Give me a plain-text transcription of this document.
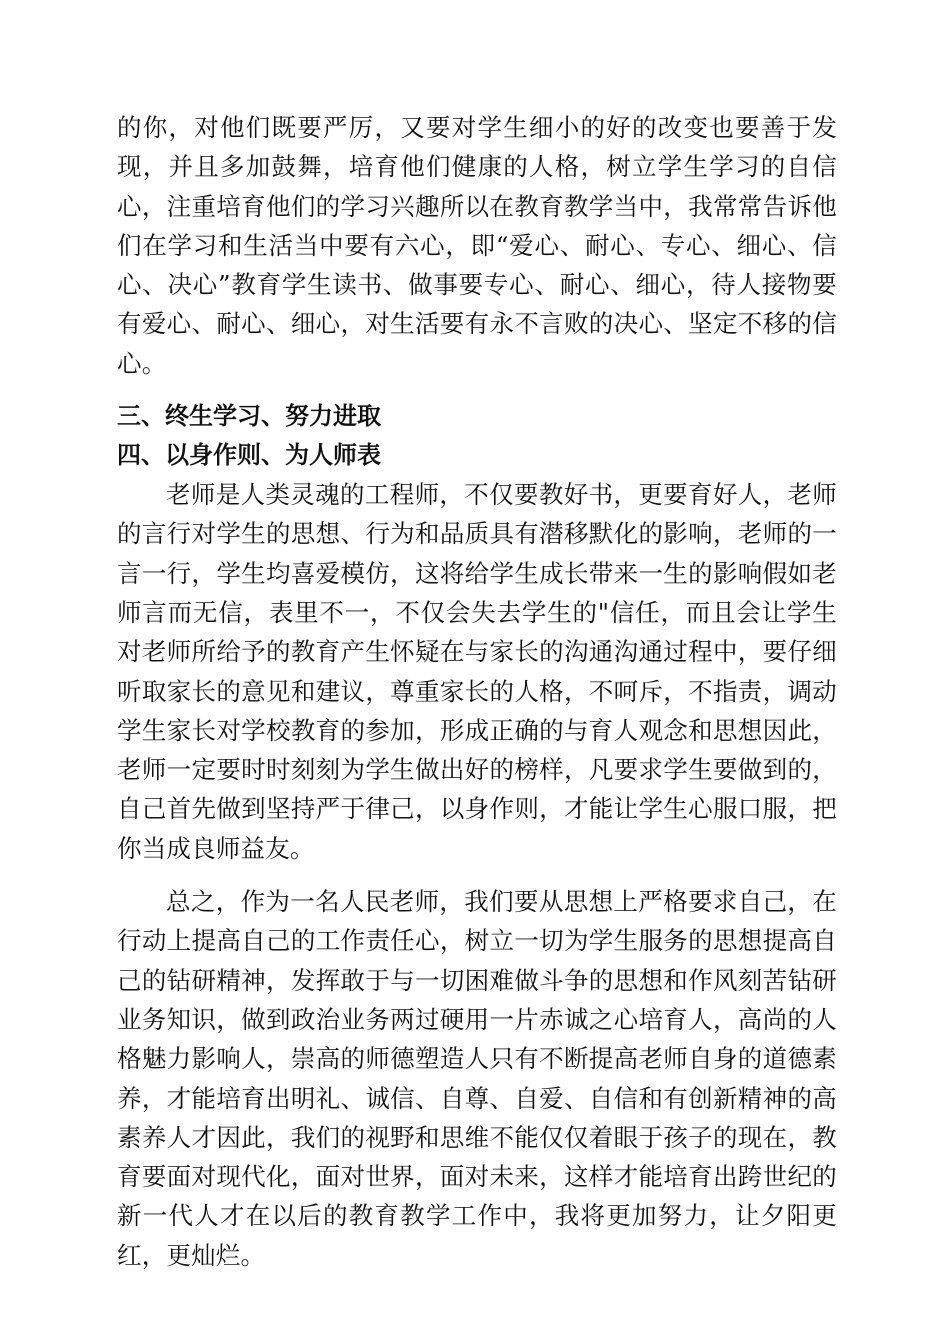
的你，对他们既要严厉，又要对学生细小的好的改变也要善于发现，并且多加鼓舞，培育他们健康的人格，树立学生学习的自信心，注重培育他们的学习兴趣所以在教育教学当中，我常常告诉他们在学习和生活当中要有六心，即“爱心、耐心、专心、细心、信心、决心”教育学生读书、做事要专心、耐心、细心，待人接物要有爱心、耐心、细心，对生活要有永不言败的决心、坚定不移的信心。

三、终生学习、努力进取
四、以身作则、为人师表

老师是人类灵魂的工程师，不仅要教好书，更要育好人，老师的言行对学生的思想、行为和品质具有潜移默化的影响，老师的一言一行，学生均喜爱模仿，这将给学生成长带来一生的影响假如老师言而无信，表里不一，不仅会失去学生的"信任，而且会让学生对老师所给予的教育产生怀疑在与家长的沟通沟通过程中，要仔细听取家长的意见和建议，尊重家长的人格，不呵斥，不指责，调动学生家长对学校教育的参加，形成正确的与育人观念和思想因此，老师一定要时时刻刻为学生做出好的榜样，凡要求学生要做到的，自己首先做到坚持严于律己，以身作则，才能让学生心服口服，把你当成良师益友。

总之，作为一名人民老师，我们要从思想上严格要求自己，在行动上提高自己的工作责任心，树立一切为学生服务的思想提高自己的钻研精神，发挥敢于与一切困难做斗争的思想和作风刻苦钻研业务知识，做到政治业务两过硬用一片赤诚之心培育人，高尚的人格魅力影响人，崇高的师德塑造人只有不断提高老师自身的道德素养，才能培育出明礼、诚信、自尊、自爱、自信和有创新精神的高素养人才因此，我们的视野和思维不能仅仅着眼于孩子的现在，教育要面对现代化，面对世界，面对未来，这样才能培育出跨世纪的新一代人才在以后的教育教学工作中，我将更加努力，让夕阳更红，更灿烂。
